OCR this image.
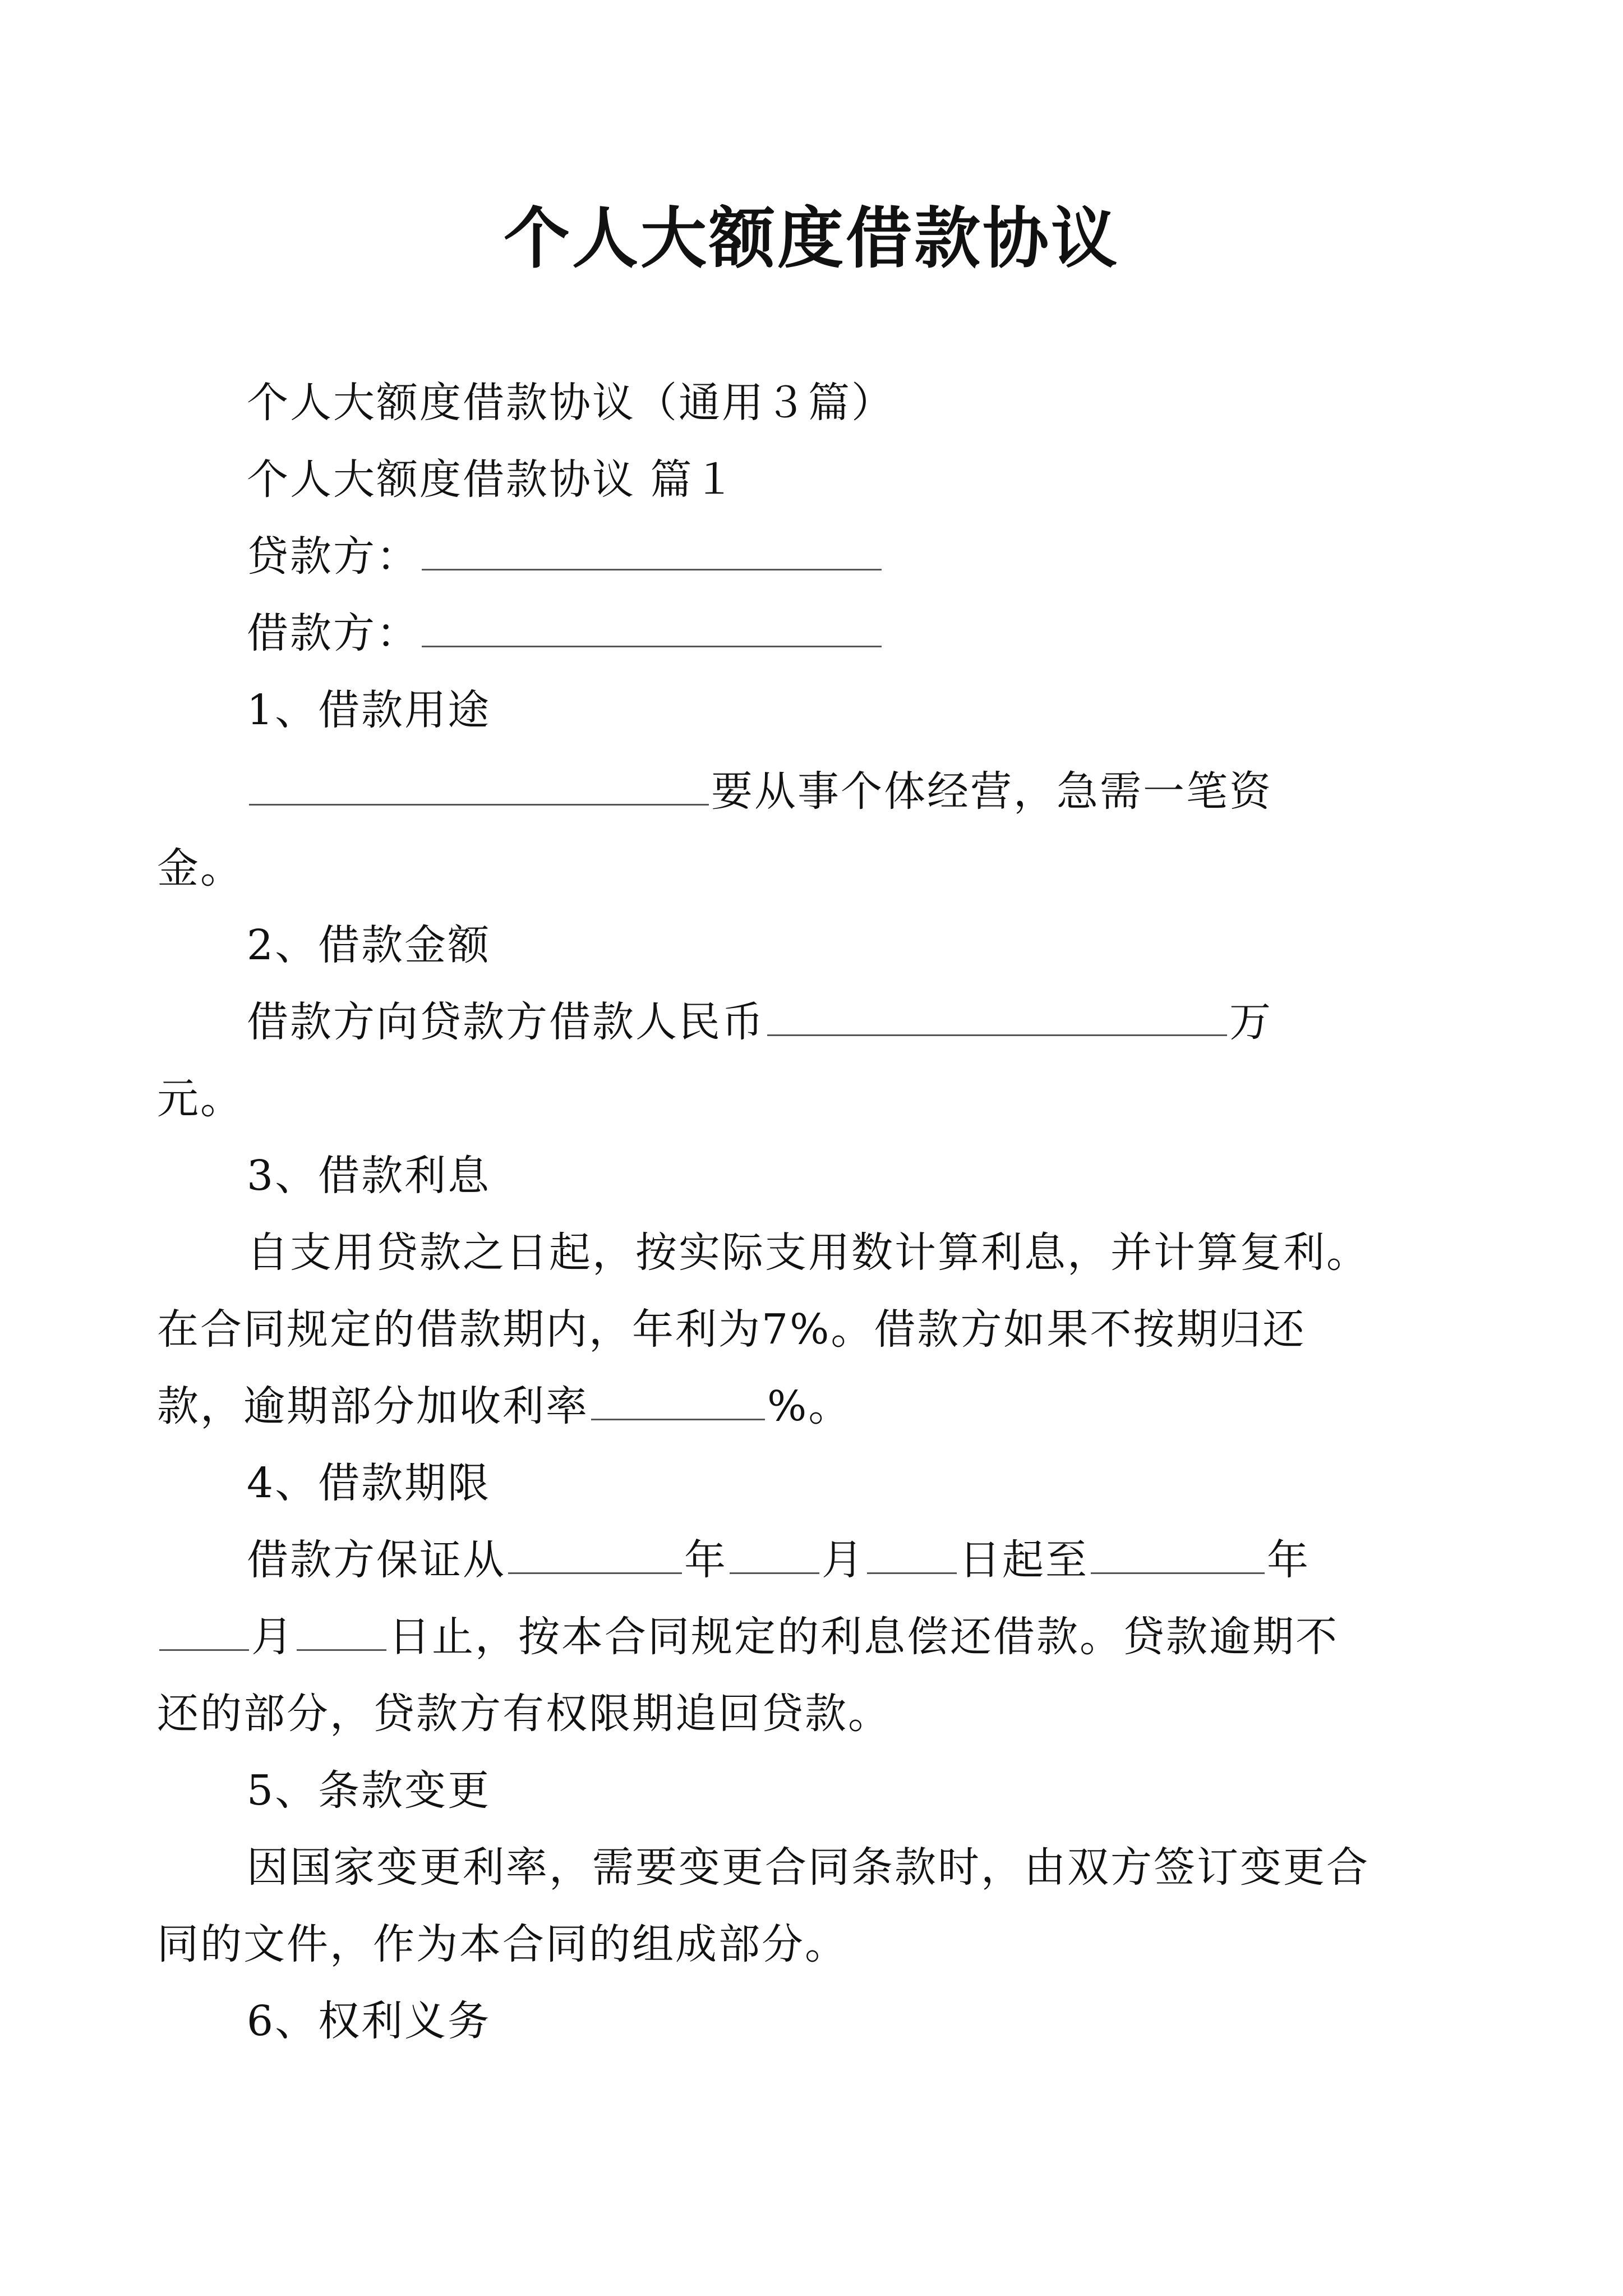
个人大额度借款协议

个人大额度借款协议（通用３篇）

个人大额度借款协议 篇１

贷款方：

借款方：

1、借款用途

要从事个体经营，急需一笔资

金。

2、借款金额

借款方向贷款方借款人民币	万

元。

3、借款利息

自支用贷款之日起，按实际支用数计算利息，并计算复利。在合同规定的借款期内，年利为7%。借款方如果不按期归还款，逾期部分加收利率	%。

4、借款期限

借款方保证从	年 月 日起至	年月 日止，按本合同规定的利息偿还借款。贷款逾期不还的部分，贷款方有权限期追回贷款。

5、条款变更

因国家变更利率，需要变更合同条款时，由双方签订变更合同的文件，作为本合同的组成部分。

6、权利义务
